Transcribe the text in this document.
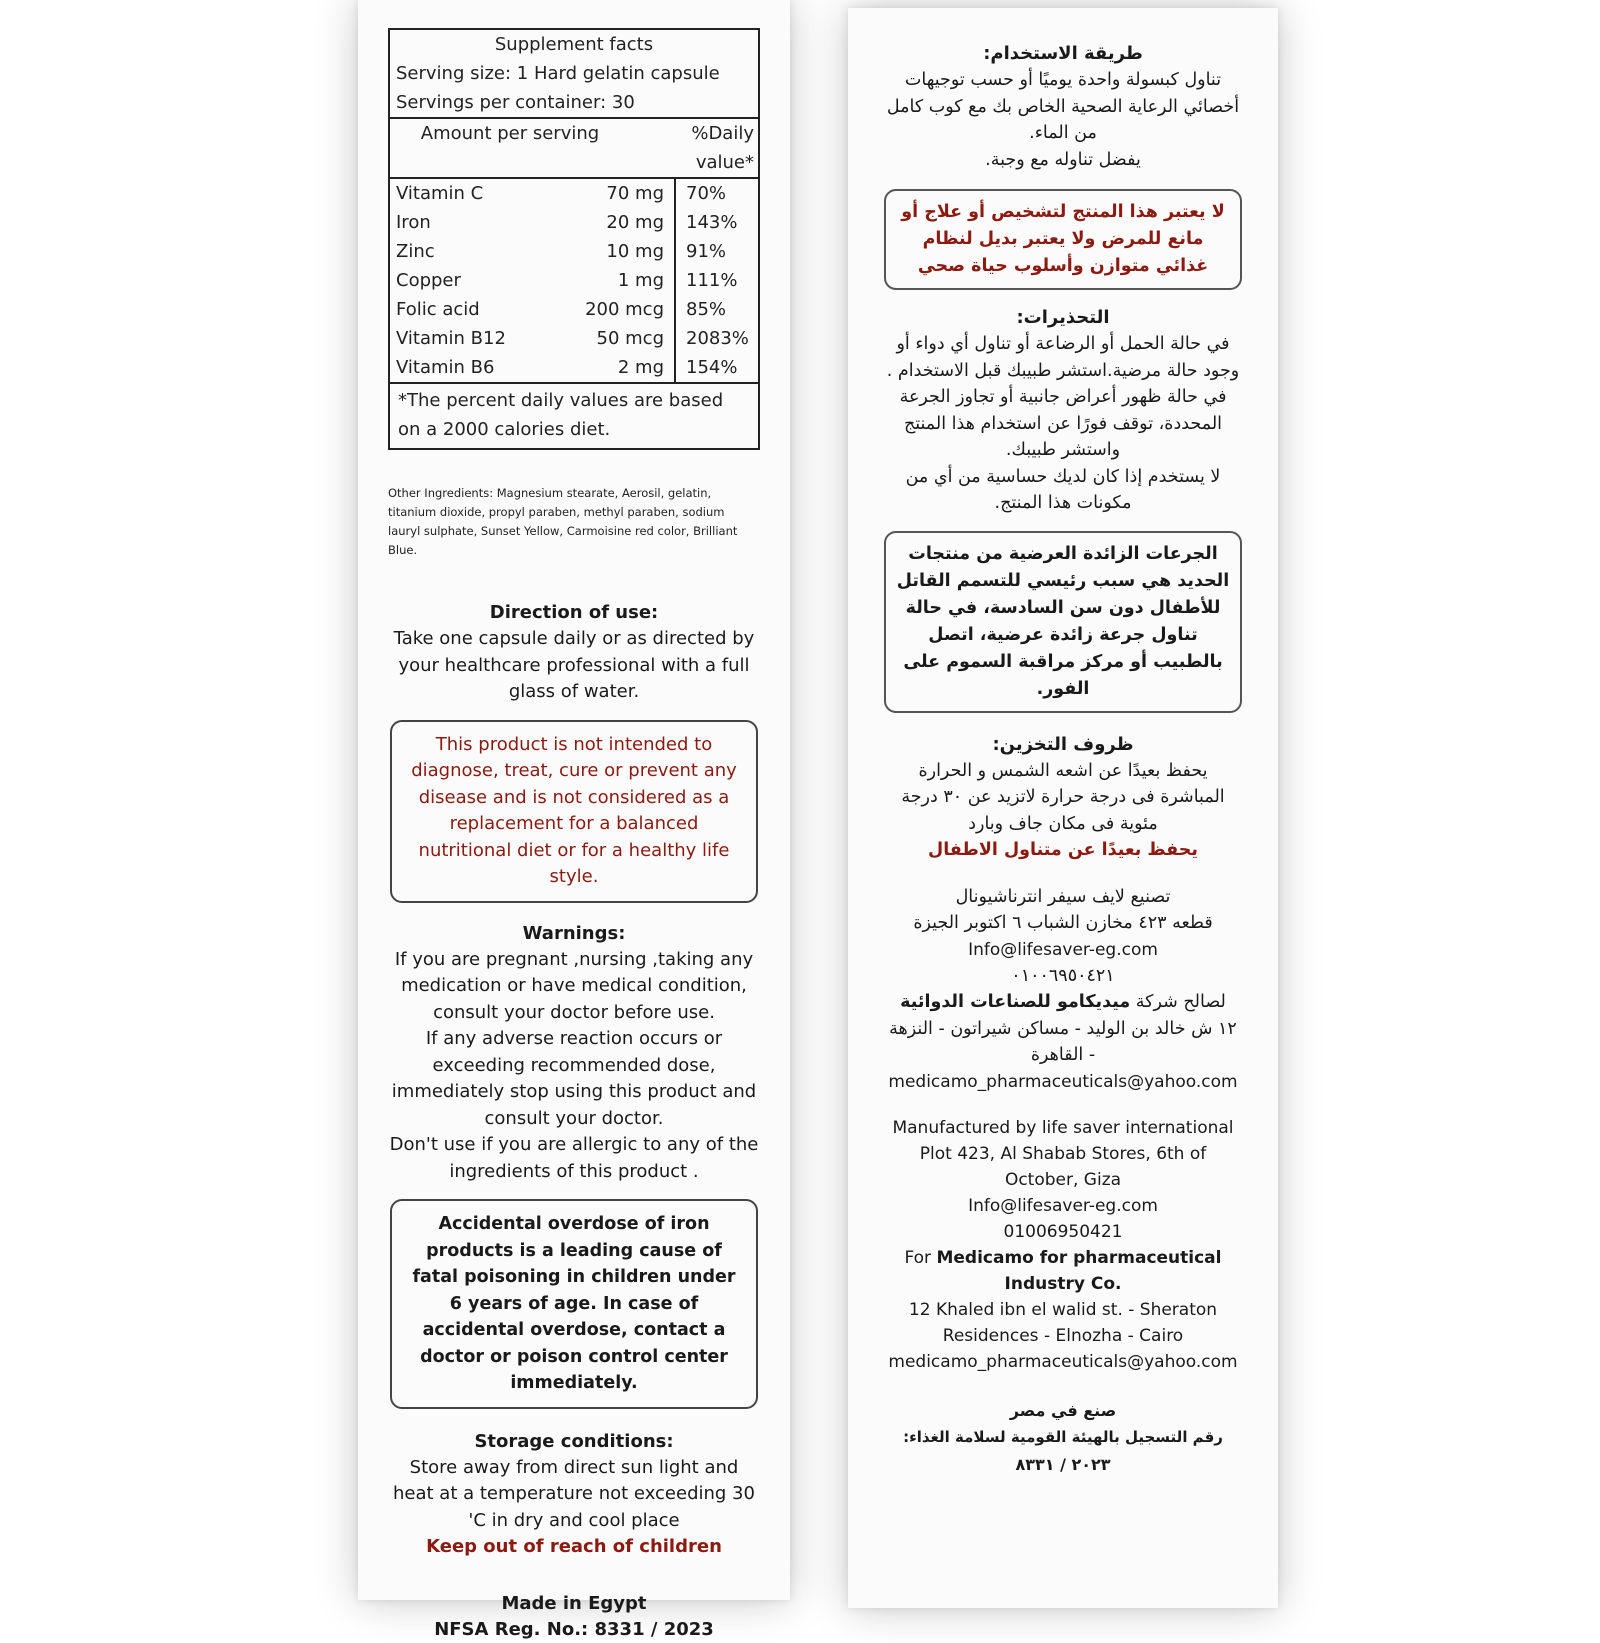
Supplement facts
Serving size: 1 Hard gelatin capsule
Servings per container: 30
Amount per serving	%Daily value*
Vitamin C	70 mg	70%
Iron	20 mg	143%
Zinc	10 mg	91%
Copper	1 mg	111%
Folic acid	200 mcg	85%
Vitamin B12	50 mcg	2083%
Vitamin B6	2 mg	154%
*The percent daily values are based on a 2000 calories diet.
Other Ingredients: Magnesium stearate, Aerosil, gelatin, titanium dioxide, propyl paraben, methyl paraben, sodium lauryl sulphate, Sunset Yellow, Carmoisine red color, Brilliant Blue.
Direction of use:
Take one capsule daily or as directed by your healthcare professional with a full glass of water.
This product is not intended to diagnose, treat, cure or prevent any disease and is not considered as a replacement for a balanced nutritional diet or for a healthy life style.
Warnings:
If you are pregnant ,nursing ,taking any medication or have medical condition, consult your doctor before use.
If any adverse reaction occurs or exceeding recommended dose, immediately stop using this product and consult your doctor.
Don't use if you are allergic to any of the ingredients of this product .
Accidental overdose of iron products is a leading cause of fatal poisoning in children under 6 years of age. In case of accidental overdose, contact a doctor or poison control center immediately.
Storage conditions:
Store away from direct sun light and heat at a temperature not exceeding 30 'C in dry and cool place
Keep out of reach of children
Made in Egypt
NFSA Reg. No.: 8331 / 2023
طريقة الاستخدام:
تناول كبسولة واحدة يوميًا أو حسب توجيهات أخصائي الرعاية الصحية الخاص بك مع كوب كامل من الماء.
يفضل تناوله مع وجبة.
لا يعتبر هذا المنتج لتشخيص أو علاج أو مانع للمرض ولا يعتبر بديل لنظام غذائي متوازن وأسلوب حياة صحي
التحذيرات:
في حالة الحمل أو الرضاعة أو تناول أي دواء أو وجود حالة مرضية.استشر طبيبك قبل الاستخدام .
في حالة ظهور أعراض جانبية أو تجاوز الجرعة المحددة، توقف فورًا عن استخدام هذا المنتج واستشر طبيبك.
لا يستخدم إذا كان لديك حساسية من أي من مكونات هذا المنتج.
الجرعات الزائدة العرضية من منتجات الحديد هي سبب رئيسي للتسمم القاتل للأطفال دون سن السادسة، في حالة تناول جرعة زائدة عرضية، اتصل بالطبيب أو مركز مراقبة السموم على الفور.
ظروف التخزين:
يحفظ بعيدًا عن اشعه الشمس و الحرارة المباشرة فى درجة حرارة لاتزيد عن ٣٠ درجة مئوية فى مكان جاف وبارد
يحفظ بعيدًا عن متناول الاطفال
تصنيع لايف سيفر انترناشيونال
قطعه ٤٢٣ مخازن الشباب ٦ اكتوبر الجيزة
Info@lifesaver-eg.com
٠١٠٠٦٩٥٠٤٢١
لصالح شركة ميديكامو للصناعات الدوائية
١٢ ش خالد بن الوليد - مساكن شيراتون - النزهة - القاهرة
medicamo_pharmaceuticals@yahoo.com
Manufactured by life saver international Plot 423, Al Shabab Stores, 6th of October, Giza
Info@lifesaver-eg.com
01006950421
For Medicamo for pharmaceutical Industry Co.
12 Khaled ibn el walid st. - Sheraton Residences - Elnozha - Cairo
medicamo_pharmaceuticals@yahoo.com
صنع في مصر
رقم التسجيل بالهيئة القومية لسلامة الغذاء:
٢٠٢٣ / ٨٣٣١
